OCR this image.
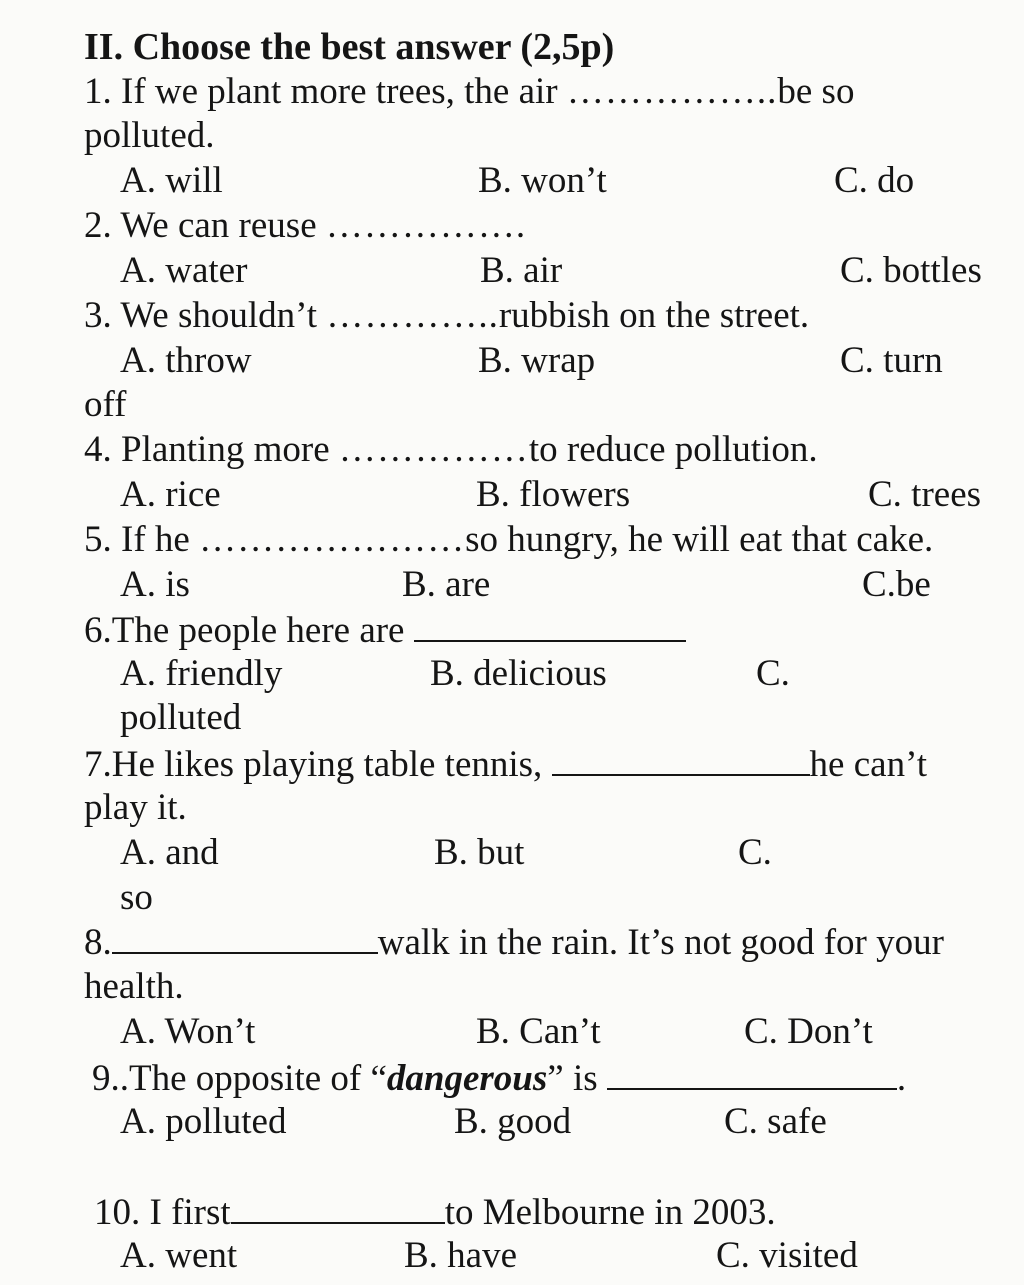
II. Choose the best answer (2,5p)
1. If we plant more trees, the air ……………..be so
polluted.
A. will	B. won’t	C. do
2. We can reuse …………….
A. water	B. air	C. bottles
3. We shouldn’t …………..rubbish on the street.
A. throw	B. wrap	C. turn
off
4. Planting more ……………to reduce pollution.
A. rice	B. flowers	C. trees
5. If he …………………so hungry, he will eat that cake.
A. is	B. are	C.be
6.The people here are
A. friendly	B. delicious	C.
polluted
7.He likes playing table tennis,	he can’t
play it.
A. and	B. but	C.
so
8.	walk in the rain. It’s not good for your
health.
A. Won’t	B. Can’t	C. Don’t
9..The opposite of “dangerous” is	.
A. polluted	B. good	C. safe
10. I first	to Melbourne in 2003.
A. went	B. have	C. visited
